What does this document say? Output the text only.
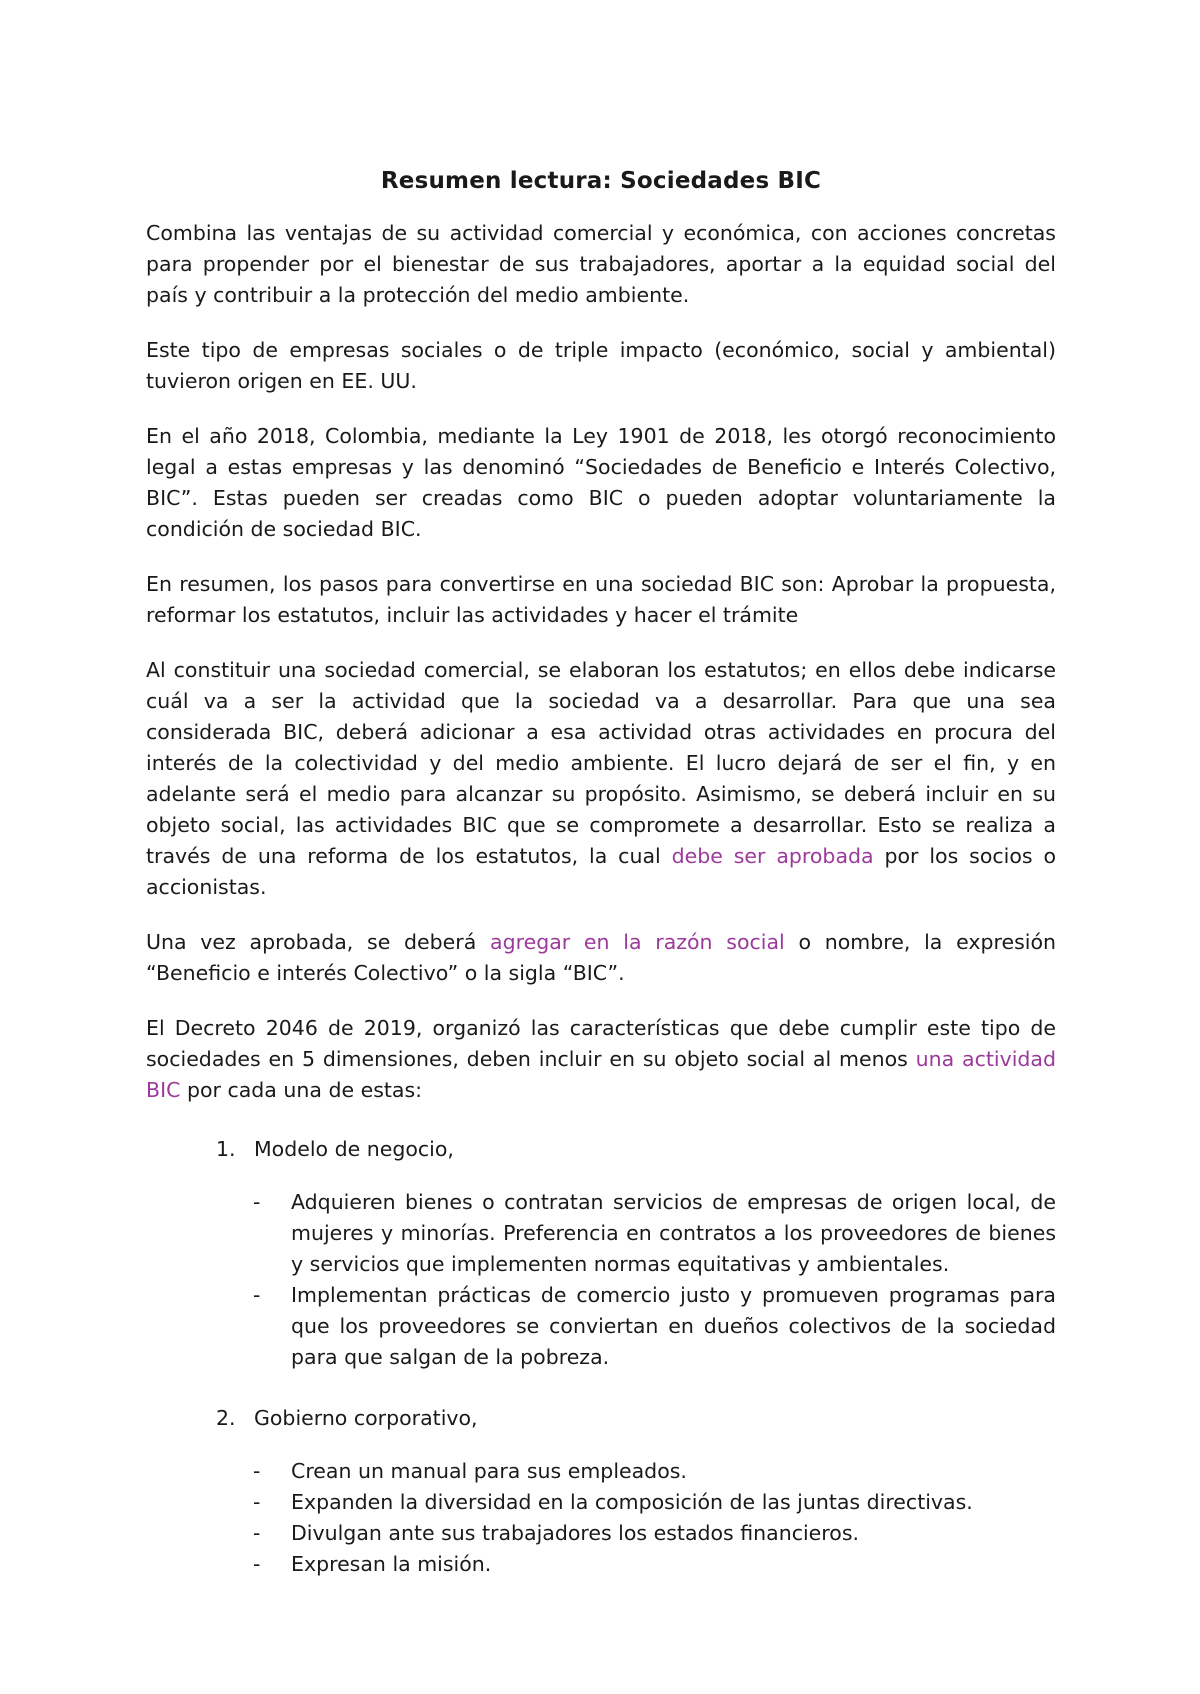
Resumen lectura: Sociedades BIC

Combina las ventajas de su actividad comercial y económica, con acciones concretas para propender por el bienestar de sus trabajadores, aportar a la equidad social del país y contribuir a la protección del medio ambiente.

Este tipo de empresas sociales o de triple impacto (económico, social y ambiental) tuvieron origen en EE. UU.

En el año 2018, Colombia, mediante la Ley 1901 de 2018, les otorgó reconocimiento legal a estas empresas y las denominó “Sociedades de Beneficio e Interés Colectivo, BIC”. Estas pueden ser creadas como BIC o pueden adoptar voluntariamente la condición de sociedad BIC.

En resumen, los pasos para convertirse en una sociedad BIC son: Aprobar la propuesta, reformar los estatutos, incluir las actividades y hacer el trámite

Al constituir una sociedad comercial, se elaboran los estatutos; en ellos debe indicarse cuál va a ser la actividad que la sociedad va a desarrollar. Para que una sea considerada BIC, deberá adicionar a esa actividad otras actividades en procura del interés de la colectividad y del medio ambiente. El lucro dejará de ser el fin, y en adelante será el medio para alcanzar su propósito. Asimismo, se deberá incluir en su objeto social, las actividades BIC que se compromete a desarrollar. Esto se realiza a través de una reforma de los estatutos, la cual debe ser aprobada por los socios o accionistas.

Una vez aprobada, se deberá agregar en la razón social o nombre, la expresión “Beneficio e interés Colectivo” o la sigla “BIC”.

El Decreto 2046 de 2019, organizó las características que debe cumplir este tipo de sociedades en 5 dimensiones, deben incluir en su objeto social al menos una actividad BIC por cada una de estas:

1. Modelo de negocio,
- Adquieren bienes o contratan servicios de empresas de origen local, de mujeres y minorías. Preferencia en contratos a los proveedores de bienes y servicios que implementen normas equitativas y ambientales.
- Implementan prácticas de comercio justo y promueven programas para que los proveedores se conviertan en dueños colectivos de la sociedad para que salgan de la pobreza.
2. Gobierno corporativo,
- Crean un manual para sus empleados.
- Expanden la diversidad en la composición de las juntas directivas.
- Divulgan ante sus trabajadores los estados financieros.
- Expresan la misión.
